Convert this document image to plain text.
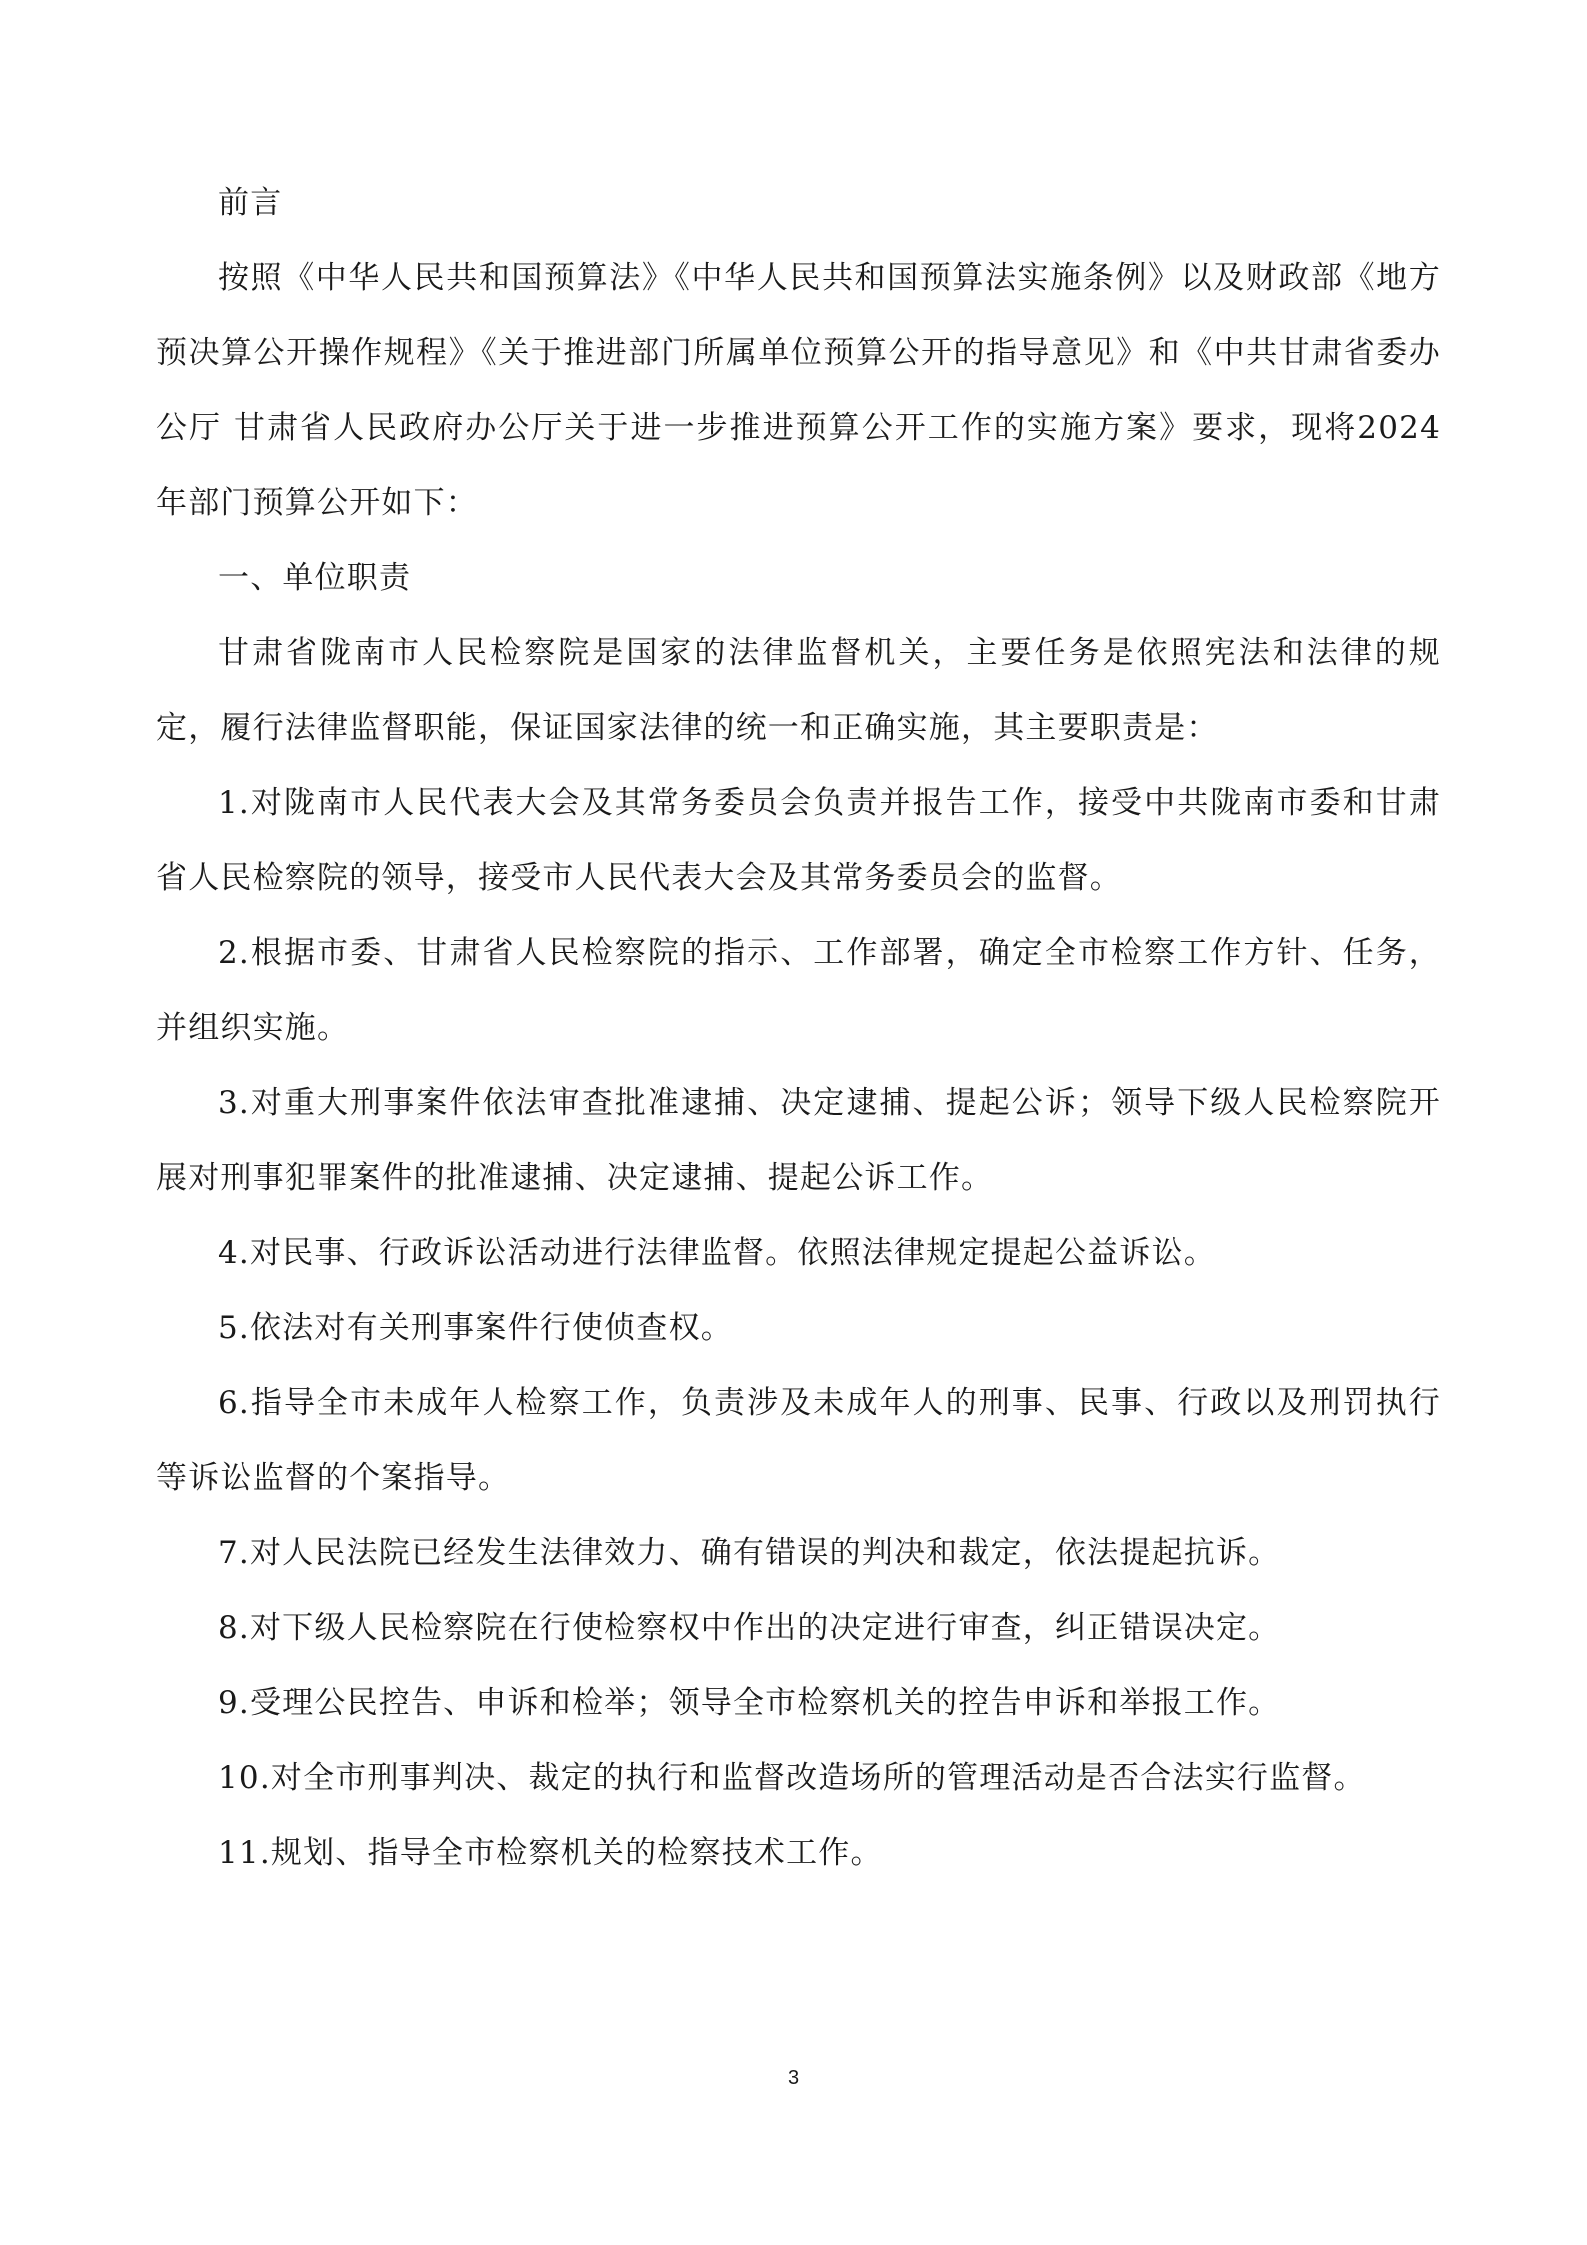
前言

按照《中华人民共和国预算法》《中华人民共和国预算法实施条例》以及财政部《地方预决算公开操作规程》《关于推进部门所属单位预算公开的指导意见》和《中共甘肃省委办公厅 甘肃省人民政府办公厅关于进一步推进预算公开工作的实施方案》要求，现将2024年部门预算公开如下：

一、单位职责

甘肃省陇南市人民检察院是国家的法律监督机关，主要任务是依照宪法和法律的规定，履行法律监督职能，保证国家法律的统一和正确实施，其主要职责是：

1.对陇南市人民代表大会及其常务委员会负责并报告工作，接受中共陇南市委和甘肃省人民检察院的领导，接受市人民代表大会及其常务委员会的监督。

2.根据市委、甘肃省人民检察院的指示、工作部署，确定全市检察工作方针、任务，并组织实施。

3.对重大刑事案件依法审查批准逮捕、决定逮捕、提起公诉；领导下级人民检察院开展对刑事犯罪案件的批准逮捕、决定逮捕、提起公诉工作。

4.对民事、行政诉讼活动进行法律监督。依照法律规定提起公益诉讼。

5.依法对有关刑事案件行使侦查权。

6.指导全市未成年人检察工作，负责涉及未成年人的刑事、民事、行政以及刑罚执行等诉讼监督的个案指导。

7.对人民法院已经发生法律效力、确有错误的判决和裁定，依法提起抗诉。

8.对下级人民检察院在行使检察权中作出的决定进行审查，纠正错误决定。

9.受理公民控告、申诉和检举；领导全市检察机关的控告申诉和举报工作。

10.对全市刑事判决、裁定的执行和监督改造场所的管理活动是否合法实行监督。

11.规划、指导全市检察机关的检察技术工作。

3
